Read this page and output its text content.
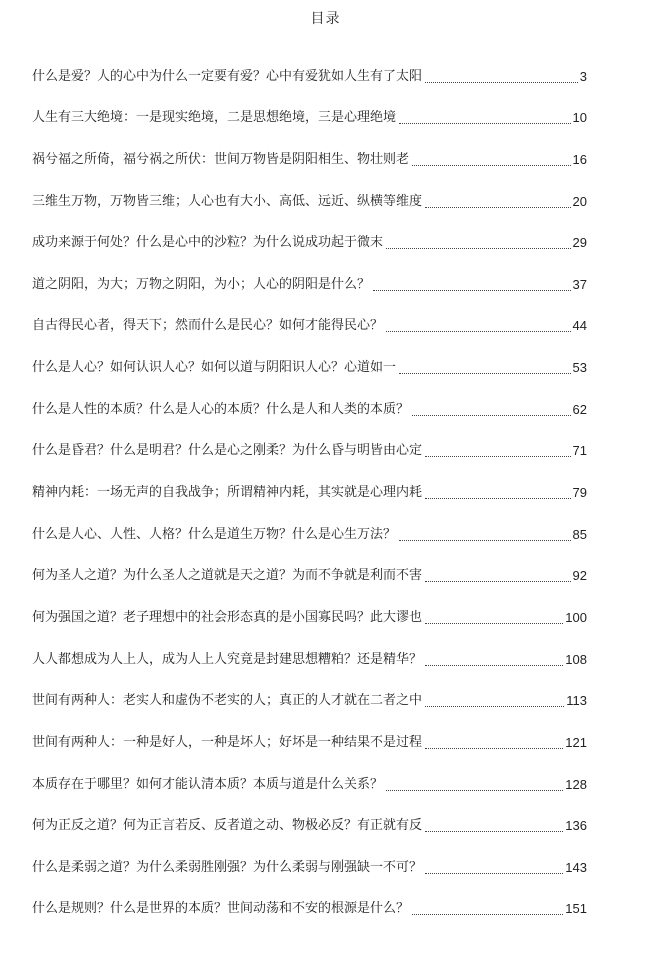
目录
什么是爱？人的心中为什么一定要有爱？心中有爱犹如人生有了太阳	3
人生有三大绝境：一是现实绝境，二是思想绝境，三是心理绝境	10
祸兮福之所倚，福兮祸之所伏：世间万物皆是阴阳相生、物壮则老	16
三维生万物，万物皆三维；人心也有大小、高低、远近、纵横等维度	20
成功来源于何处？什么是心中的沙粒？为什么说成功起于微末	29
道之阴阳，为大；万物之阴阳，为小；人心的阴阳是什么？	37
自古得民心者，得天下；然而什么是民心？如何才能得民心？	44
什么是人心？如何认识人心？如何以道与阴阳识人心？心道如一	53
什么是人性的本质？什么是人心的本质？什么是人和人类的本质？	62
什么是昏君？什么是明君？什么是心之刚柔？为什么昏与明皆由心定	71
精神内耗：一场无声的自我战争；所谓精神内耗，其实就是心理内耗	79
什么是人心、人性、人格？什么是道生万物？什么是心生万法？	85
何为圣人之道？为什么圣人之道就是天之道？为而不争就是利而不害	92
何为强国之道？老子理想中的社会形态真的是小国寡民吗？此大谬也	100
人人都想成为人上人，成为人上人究竟是封建思想糟粕？还是精华？	108
世间有两种人：老实人和虚伪不老实的人；真正的人才就在二者之中	113
世间有两种人：一种是好人，一种是坏人；好坏是一种结果不是过程	121
本质存在于哪里？如何才能认清本质？本质与道是什么关系？	128
何为正反之道？何为正言若反、反者道之动、物极必反？有正就有反	136
什么是柔弱之道？为什么柔弱胜刚强？为什么柔弱与刚强缺一不可？	143
什么是规则？什么是世界的本质？世间动荡和不安的根源是什么？	151
